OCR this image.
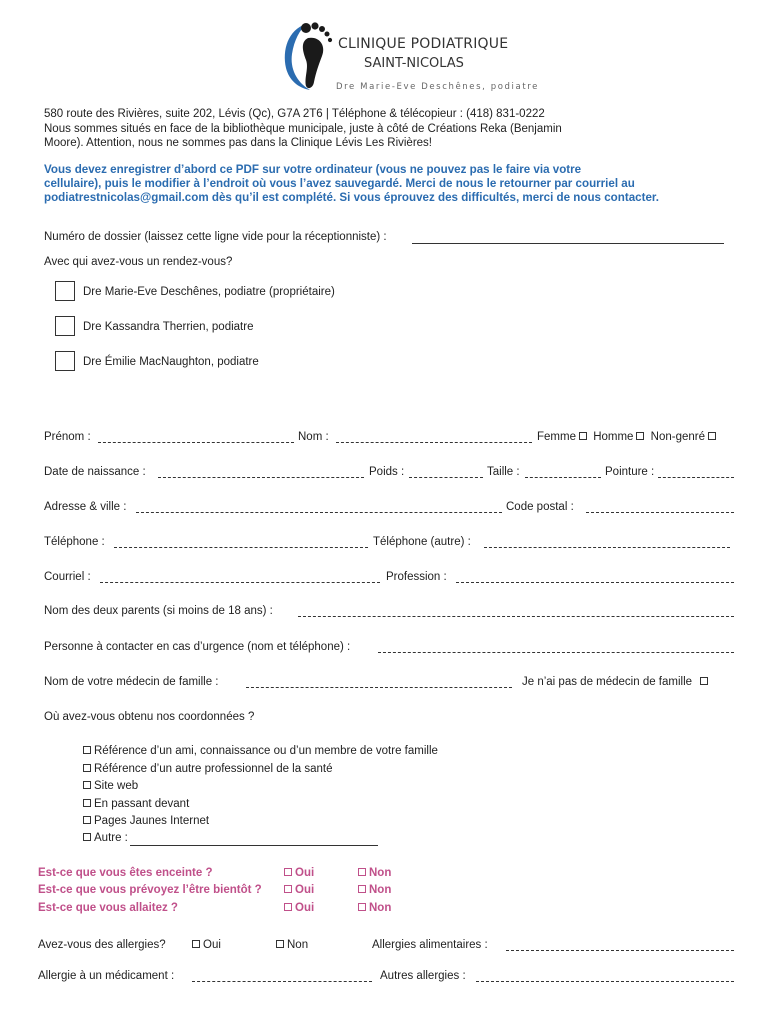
CLINIQUE PODIATRIQUE
SAINT-NICOLAS
Dre Marie-Eve Deschênes, podiatre
580 route des Rivières, suite 202, Lévis (Qc), G7A 2T6 | Téléphone & télécopieur : (418) 831-0222
Nous sommes situés en face de la bibliothèque municipale, juste à côté de Créations Reka (Benjamin
Moore). Attention, nous ne sommes pas dans la Clinique Lévis Les Rivières!
Vous devez enregistrer d’abord ce PDF sur votre ordinateur (vous ne pouvez pas le faire via votre
cellulaire), puis le modifier à l’endroit où vous l’avez sauvegardé. Merci de nous le retourner par courriel au
podiatrestnicolas@gmail.com dès qu’il est complété. Si vous éprouvez des difficultés, merci de nous contacter.
Numéro de dossier (laissez cette ligne vide pour la réceptionniste) :
Avec qui avez-vous un rendez-vous?
Dre Marie-Eve Deschênes, podiatre (propriétaire)
Dre Kassandra Therrien, podiatre
Dre Émilie MacNaughton, podiatre
Prénom :	Nom :	Femme Homme Non-genré
Date de naissance :	Poids :	Taille :	Pointure :
Adresse & ville :	Code postal :
Téléphone :	Téléphone (autre) :
Courriel :	Profession :
Nom des deux parents (si moins de 18 ans) :
Personne à contacter en cas d’urgence (nom et téléphone) :
Nom de votre médecin de famille :	Je n’ai pas de médecin de famille
Où avez-vous obtenu nos coordonnées ?
Référence d’un ami, connaissance ou d’un membre de votre famille
Référence d’un autre professionnel de la santé
Site web
En passant devant
Pages Jaunes Internet
Autre :
Est-ce que vous êtes enceinte ?	Oui	Non
Est-ce que vous prévoyez l’être bientôt ?	Oui	Non
Est-ce que vous allaitez ?	Oui	Non
Avez-vous des allergies?	Oui	Non	Allergies alimentaires :
Allergie à un médicament :	Autres allergies :
